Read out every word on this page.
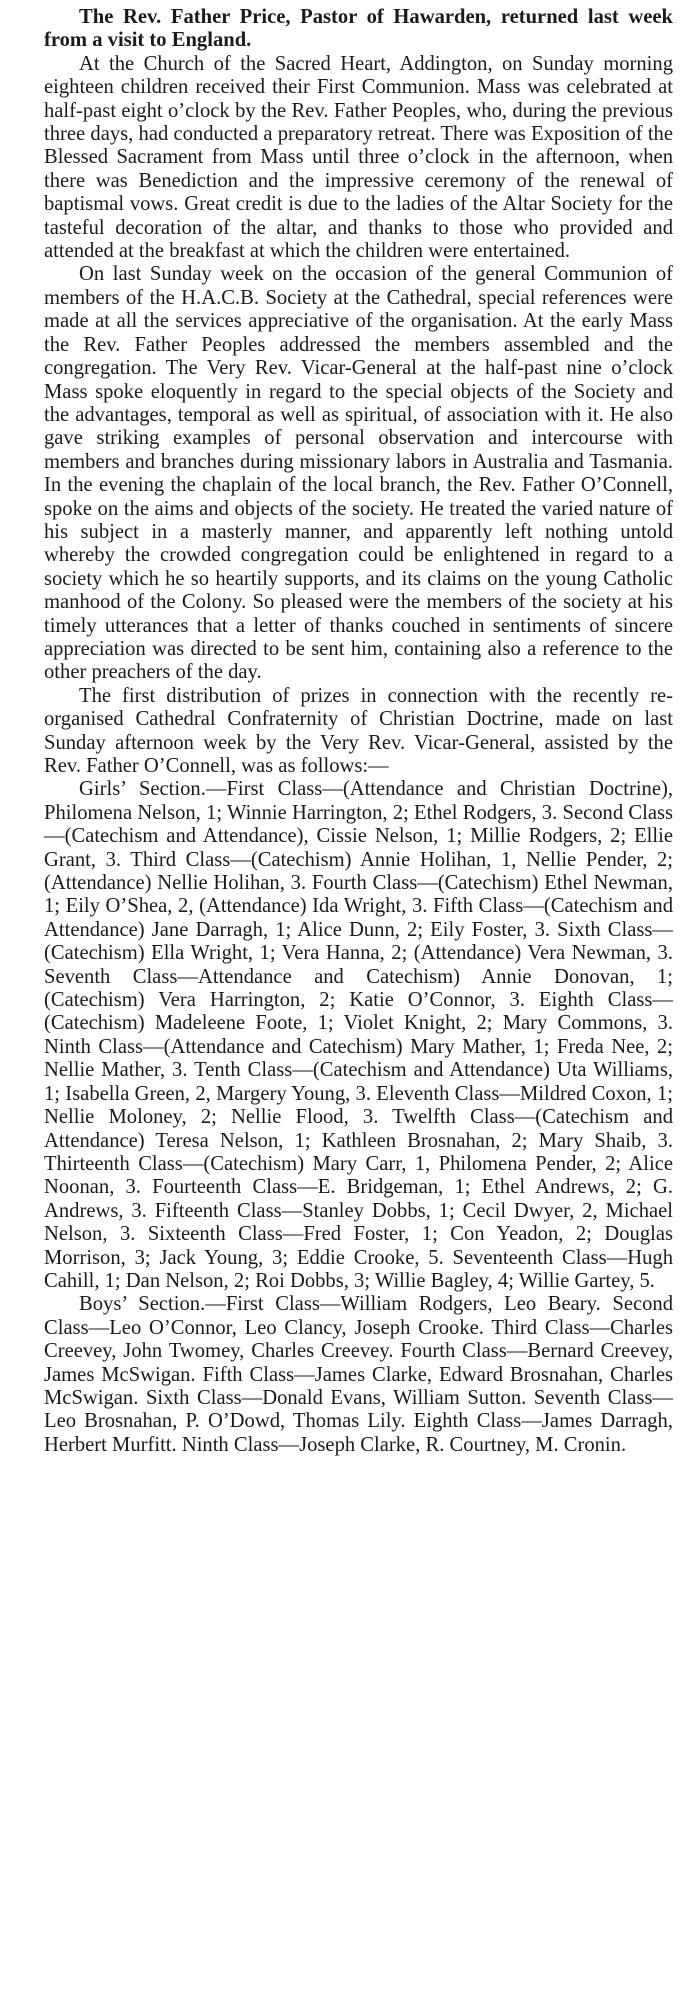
The Rev. Father Price, Pastor of Hawarden, returned last week from a visit to England.

At the Church of the Sacred Heart, Addington, on Sunday morning eighteen children received their First Communion. Mass was celebrated at half-past eight o’clock by the Rev. Father Peoples, who, during the previous three days, had conducted a preparatory retreat. There was Exposition of the Blessed Sacrament from Mass until three o’clock in the afternoon, when there was Benediction and the impressive ceremony of the renewal of baptismal vows. Great credit is due to the ladies of the Altar Society for the tasteful decoration of the altar, and thanks to those who provided and attended at the breakfast at which the children were entertained.

On last Sunday week on the occasion of the general Communion of members of the H.A.C.B. Society at the Cathedral, special references were made at all the services appreciative of the organisation. At the early Mass the Rev. Father Peoples addressed the members assembled and the congregation. The Very Rev. Vicar-General at the half-past nine o’clock Mass spoke eloquently in regard to the special objects of the Society and the advantages, temporal as well as spiritual, of association with it. He also gave striking examples of personal observation and intercourse with members and branches during missionary labors in Australia and Tasmania. In the evening the chaplain of the local branch, the Rev. Father O’Connell, spoke on the aims and objects of the society. He treated the varied nature of his subject in a masterly manner, and apparently left nothing untold whereby the crowded congregation could be enlightened in regard to a society which he so heartily supports, and its claims on the young Catholic manhood of the Colony. So pleased were the members of the society at his timely utterances that a letter of thanks couched in sentiments of sincere appreciation was directed to be sent him, containing also a reference to the other preachers of the day.

The first distribution of prizes in connection with the recently re-organised Cathedral Confraternity of Christian Doctrine, made on last Sunday afternoon week by the Very Rev. Vicar-General, assisted by the Rev. Father O’Connell, was as follows:—

Girls’ Section.—First Class—(Attendance and Christian Doctrine), Philomena Nelson, 1; Winnie Harrington, 2; Ethel Rodgers, 3. Second Class—(Catechism and Attendance), Cissie Nelson, 1; Millie Rodgers, 2; Ellie Grant, 3. Third Class—(Catechism) Annie Holihan, 1, Nellie Pender, 2; (Attendance) Nellie Holihan, 3. Fourth Class—(Catechism) Ethel Newman, 1; Eily O’Shea, 2, (Attendance) Ida Wright, 3. Fifth Class—(Catechism and Attendance) Jane Darragh, 1; Alice Dunn, 2; Eily Foster, 3. Sixth Class—(Catechism) Ella Wright, 1; Vera Hanna, 2; (Attendance) Vera Newman, 3. Seventh Class—Attendance and Catechism) Annie Donovan, 1; (Catechism) Vera Harrington, 2; Katie O’Connor, 3. Eighth Class—(Catechism) Madeleene Foote, 1; Violet Knight, 2; Mary Commons, 3. Ninth Class—(Attendance and Catechism) Mary Mather, 1; Freda Nee, 2; Nellie Mather, 3. Tenth Class—(Catechism and Attendance) Uta Williams, 1; Isabella Green, 2, Margery Young, 3. Eleventh Class—Mildred Coxon, 1; Nellie Moloney, 2; Nellie Flood, 3. Twelfth Class—(Catechism and Attendance) Teresa Nelson, 1; Kathleen Brosnahan, 2; Mary Shaib, 3. Thirteenth Class—(Catechism) Mary Carr, 1, Philomena Pender, 2; Alice Noonan, 3. Fourteenth Class—E. Bridgeman, 1; Ethel Andrews, 2; G. Andrews, 3. Fifteenth Class—Stanley Dobbs, 1; Cecil Dwyer, 2, Michael Nelson, 3. Sixteenth Class—Fred Foster, 1; Con Yeadon, 2; Douglas Morrison, 3; Jack Young, 3; Eddie Crooke, 5. Seventeenth Class—Hugh Cahill, 1; Dan Nelson, 2; Roi Dobbs, 3; Willie Bagley, 4; Willie Gartey, 5.

Boys’ Section.—First Class—William Rodgers, Leo Beary. Second Class—Leo O’Connor, Leo Clancy, Joseph Crooke. Third Class—Charles Creevey, John Twomey, Charles Creevey. Fourth Class—Bernard Creevey, James McSwigan. Fifth Class—James Clarke, Edward Brosnahan, Charles McSwigan. Sixth Class—Donald Evans, William Sutton. Seventh Class—Leo Brosnahan, P. O’Dowd, Thomas Lily. Eighth Class—James Darragh, Herbert Murfitt. Ninth Class—Joseph Clarke, R. Courtney, M. Cronin.
